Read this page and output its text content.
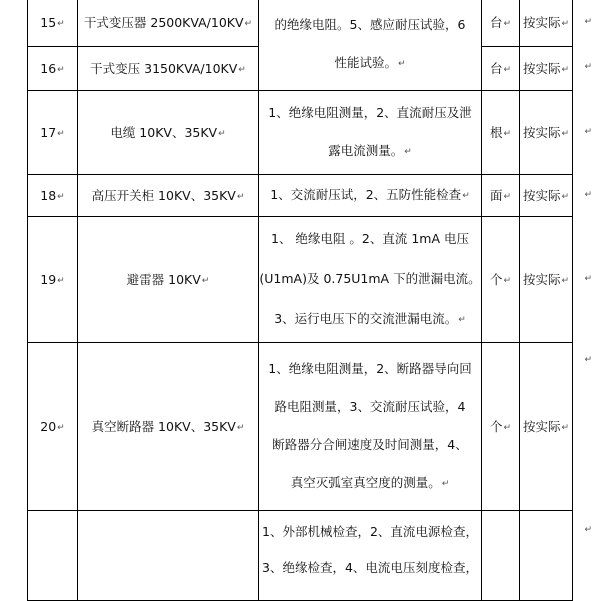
15↵	干式变压器 2500KVA/10KV↵	的绝缘电阻。5、感应耐压试验，6
性能试验。↵	台↵	按实际↵
16↵	干式变压 3150KVA/10KV↵		台↵	按实际↵
17↵	电缆 10KV、35KV↵	1、绝缘电阻测量，2、直流耐压及泄
露电流测量。↵	根↵	按实际↵
18↵	高压开关柜 10KV、35KV↵	1、交流耐压试，2、五防性能检查↵	面↵	按实际↵
19↵	避雷器 10KV↵	1、 绝缘电阻 。2、直流 1mA 电压
(U1mA)及 0.75U1mA 下的泄漏电流。
3、运行电压下的交流泄漏电流。↵	个↵	按实际↵
20↵	真空断路器 10KV、35KV↵	1、绝缘电阻测量，2、断路器导向回
路电阻测量，3、交流耐压试验，4
断路器分合闸速度及时间测量，4、
真空灭弧室真空度的测量。↵	个↵	按实际↵

		1、外部机械检查，2、直流电源检查，
3、绝缘检查，4、电流电压刻度检查，		

↵
↵
↵
↵
↵
↵
↵
